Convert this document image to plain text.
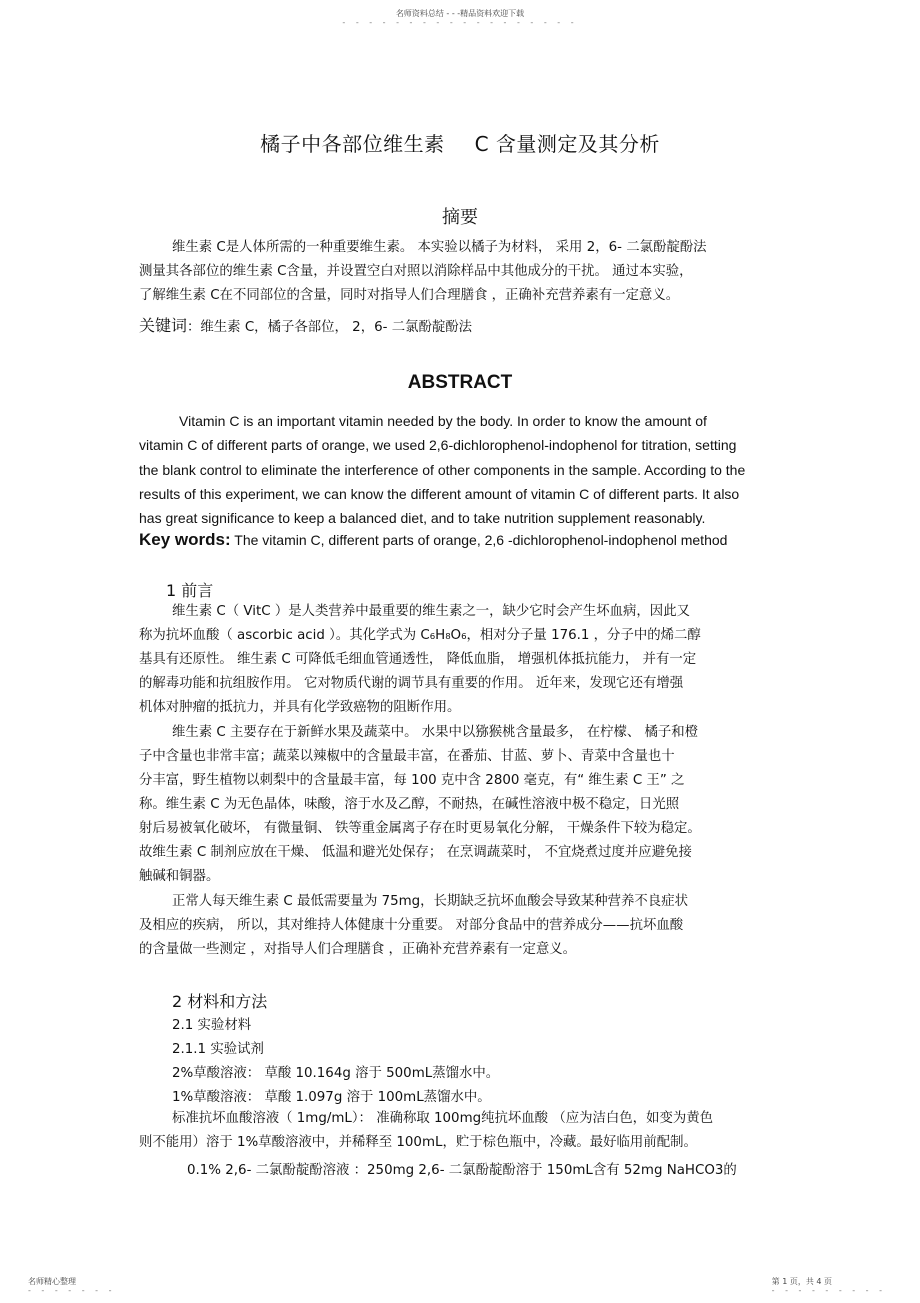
名师资料总结 - - -精品资料欢迎下载
- - - - - - - - - - - - - - - - - -
橘子中各部位维生素 C 含量测定及其分析
摘要
维生素 C是人体所需的一种重要维生素。 本实验以橘子为材料， 采用 2，6- 二氯酚靛酚法
测量其各部位的维生素 C含量，并设置空白对照以消除样品中其他成分的干扰。 通过本实验，
了解维生素 C在不同部位的含量，同时对指导人们合理膳食 ，正确补充营养素有一定意义。
关键词：维生素 C，橘子各部位， 2，6- 二氯酚靛酚法
ABSTRACT
Vitamin C is an important vitamin needed by the body. In order to know the amount of
vitamin C of different parts of orange, we used 2,6-dichlorophenol-indophenol for titration, setting
the blank control to eliminate the interference of other components in the sample. According to the
results of this experiment, we can know the different amount of vitamin C of different parts. It also
has great significance to keep a balanced diet, and to take nutrition supplement reasonably.
Key words: The vitamin C, different parts of orange, 2,6 -dichlorophenol-indophenol method
1 前言
维生素 C（ VitC ）是人类营养中最重要的维生素之一，缺少它时会产生坏血病，因此又
称为抗坏血酸（ ascorbic acid ）。其化学式为 C₆H₈O₆，相对分子量 176.1 ，分子中的烯二醇
基具有还原性。 维生素 C 可降低毛细血管通透性， 降低血脂， 增强机体抵抗能力， 并有一定
的解毒功能和抗组胺作用。 它对物质代谢的调节具有重要的作用。 近年来，发现它还有增强
机体对肿瘤的抵抗力，并具有化学致癌物的阻断作用。
维生素 C 主要存在于新鲜水果及蔬菜中。 水果中以猕猴桃含量最多， 在柠檬、 橘子和橙
子中含量也非常丰富；蔬菜以辣椒中的含量最丰富，在番茄、甘蓝、萝卜、青菜中含量也十
分丰富，野生植物以刺梨中的含量最丰富，每 100 克中含 2800 毫克，有“ 维生素 C 王” 之
称。维生素 C 为无色晶体，味酸，溶于水及乙醇，不耐热，在碱性溶液中极不稳定，日光照
射后易被氧化破坏， 有微量铜、 铁等重金属离子存在时更易氧化分解， 干燥条件下较为稳定。
故维生素 C 制剂应放在干燥、 低温和避光处保存； 在烹调蔬菜时， 不宜烧煮过度并应避免接
触碱和铜器。
正常人每天维生素 C 最低需要量为 75mg，长期缺乏抗坏血酸会导致某种营养不良症状
及相应的疾病， 所以，其对维持人体健康十分重要。 对部分食品中的营养成分——抗坏血酸
的含量做一些测定 ，对指导人们合理膳食 ，正确补充营养素有一定意义。
2 材料和方法
2.1 实验材料
2.1.1 实验试剂
2%草酸溶液： 草酸 10.164g 溶于 500mL蒸馏水中。
1%草酸溶液： 草酸 1.097g 溶于 100mL蒸馏水中。
标准抗坏血酸溶液（ 1mg/mL）： 准确称取 100mg纯抗坏血酸 （应为洁白色，如变为黄色
则不能用）溶于 1%草酸溶液中，并稀释至 100mL，贮于棕色瓶中，冷藏。最好临用前配制。
0.1% 2,6- 二氯酚靛酚溶液 ：250mg 2,6- 二氯酚靛酚溶于 150mL含有 52mg NaHCO3的
名师精心整理
- - - - - - -
第 1 页，共 4 页
- - - - - - - - -
